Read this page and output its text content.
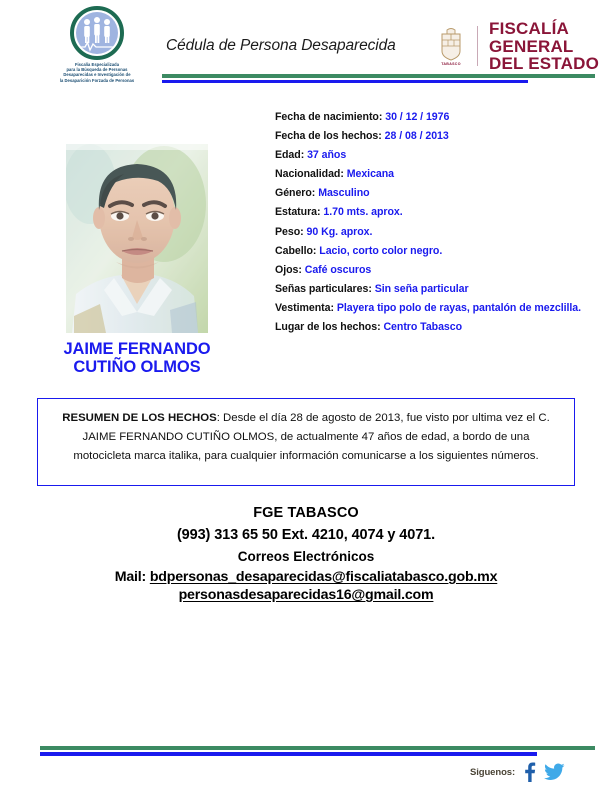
Fiscalía Especializada
para la Búsqueda de Personas
Desaparecidas e Investigación de
la Desaparición Forzada de Personas
Cédula de Persona Desaparecida
TABASCO
FISCALÍA
GENERAL
DEL ESTADO
JAIME FERNANDO
CUTIÑO OLMOS
Fecha de nacimiento: 30 / 12 / 1976
Fecha de los hechos: 28 / 08 / 2013
Edad: 37 años
Nacionalidad: Mexicana
Género: Masculino
Estatura: 1.70 mts. aprox.
Peso: 90 Kg. aprox.
Cabello: Lacio, corto color negro.
Ojos: Café oscuros
Señas particulares: Sin seña particular
Vestimenta: Playera tipo polo de rayas, pantalón de mezclilla.
Lugar de los hechos: Centro Tabasco
RESUMEN DE LOS HECHOS: Desde el día 28 de agosto de 2013, fue visto por ultima vez el C. JAIME FERNANDO CUTIÑO OLMOS, de actualmente 47 años de edad, a bordo de una motocicleta marca italika, para cualquier información comunicarse a los siguientes números.
FGE TABASCO
(993) 313 65 50 Ext. 4210, 4074 y 4071.
Correos Electrónicos
Mail: bdpersonas_desaparecidas@fiscaliatabasco.gob.mx
personasdesaparecidas16@gmail.com
Siguenos:
